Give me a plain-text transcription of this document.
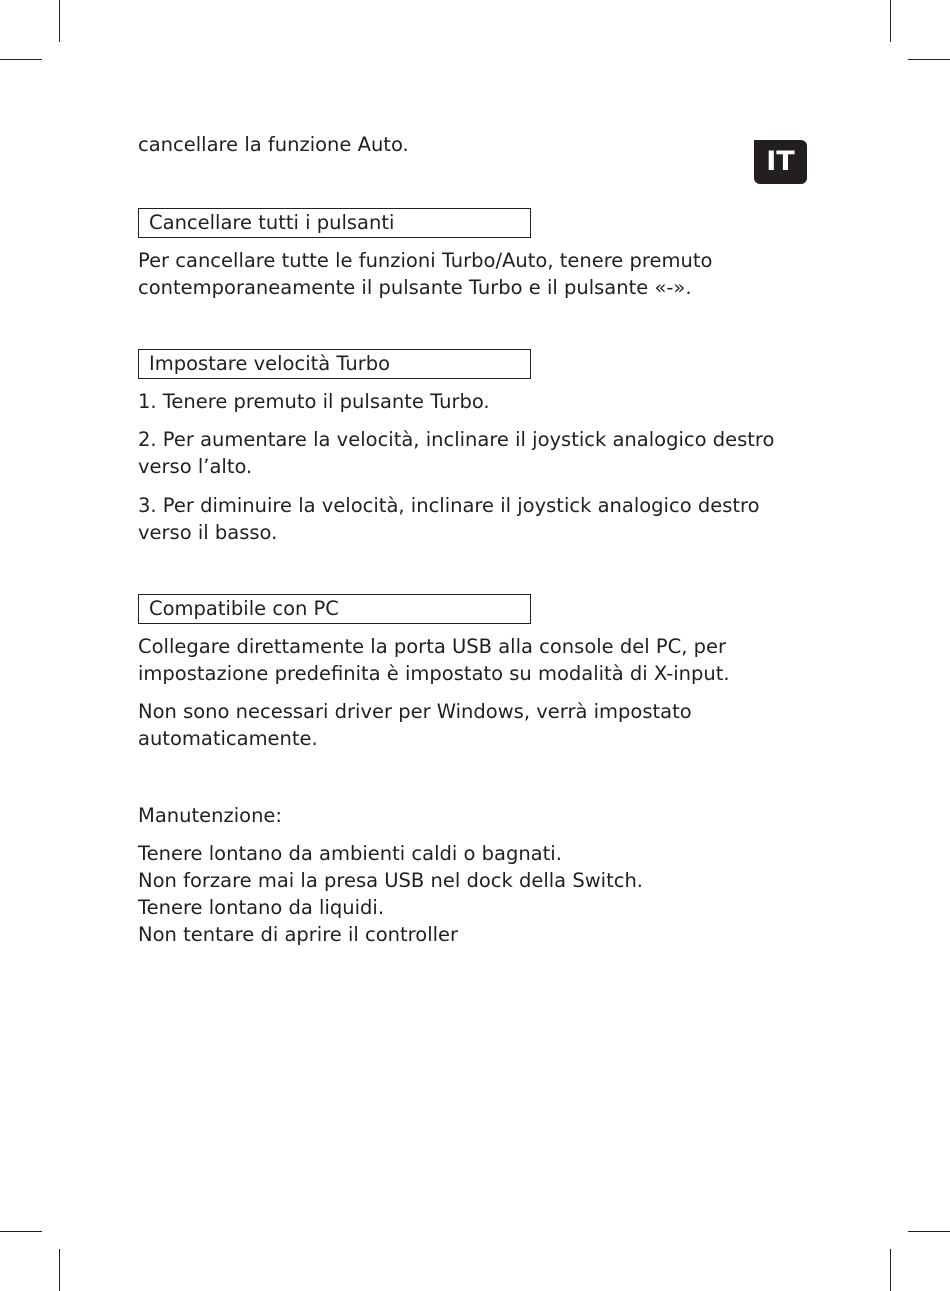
IT

cancellare la funzione Auto.

Cancellare tutti i pulsanti

Per cancellare tutte le funzioni Turbo/Auto, tenere premuto
contemporaneamente il pulsante Turbo e il pulsante «-».

Impostare velocità Turbo

1. Tenere premuto il pulsante Turbo.

2. Per aumentare la velocità, inclinare il joystick analogico destro
verso l’alto.

3. Per diminuire la velocità, inclinare il joystick analogico destro
verso il basso.

Compatibile con PC

Collegare direttamente la porta USB alla console del PC, per
impostazione predefinita è impostato su modalità di X-input.

Non sono necessari driver per Windows, verrà impostato
automaticamente.

Manutenzione:

Tenere lontano da ambienti caldi o bagnati.
Non forzare mai la presa USB nel dock della Switch.
Tenere lontano da liquidi.
Non tentare di aprire il controller
